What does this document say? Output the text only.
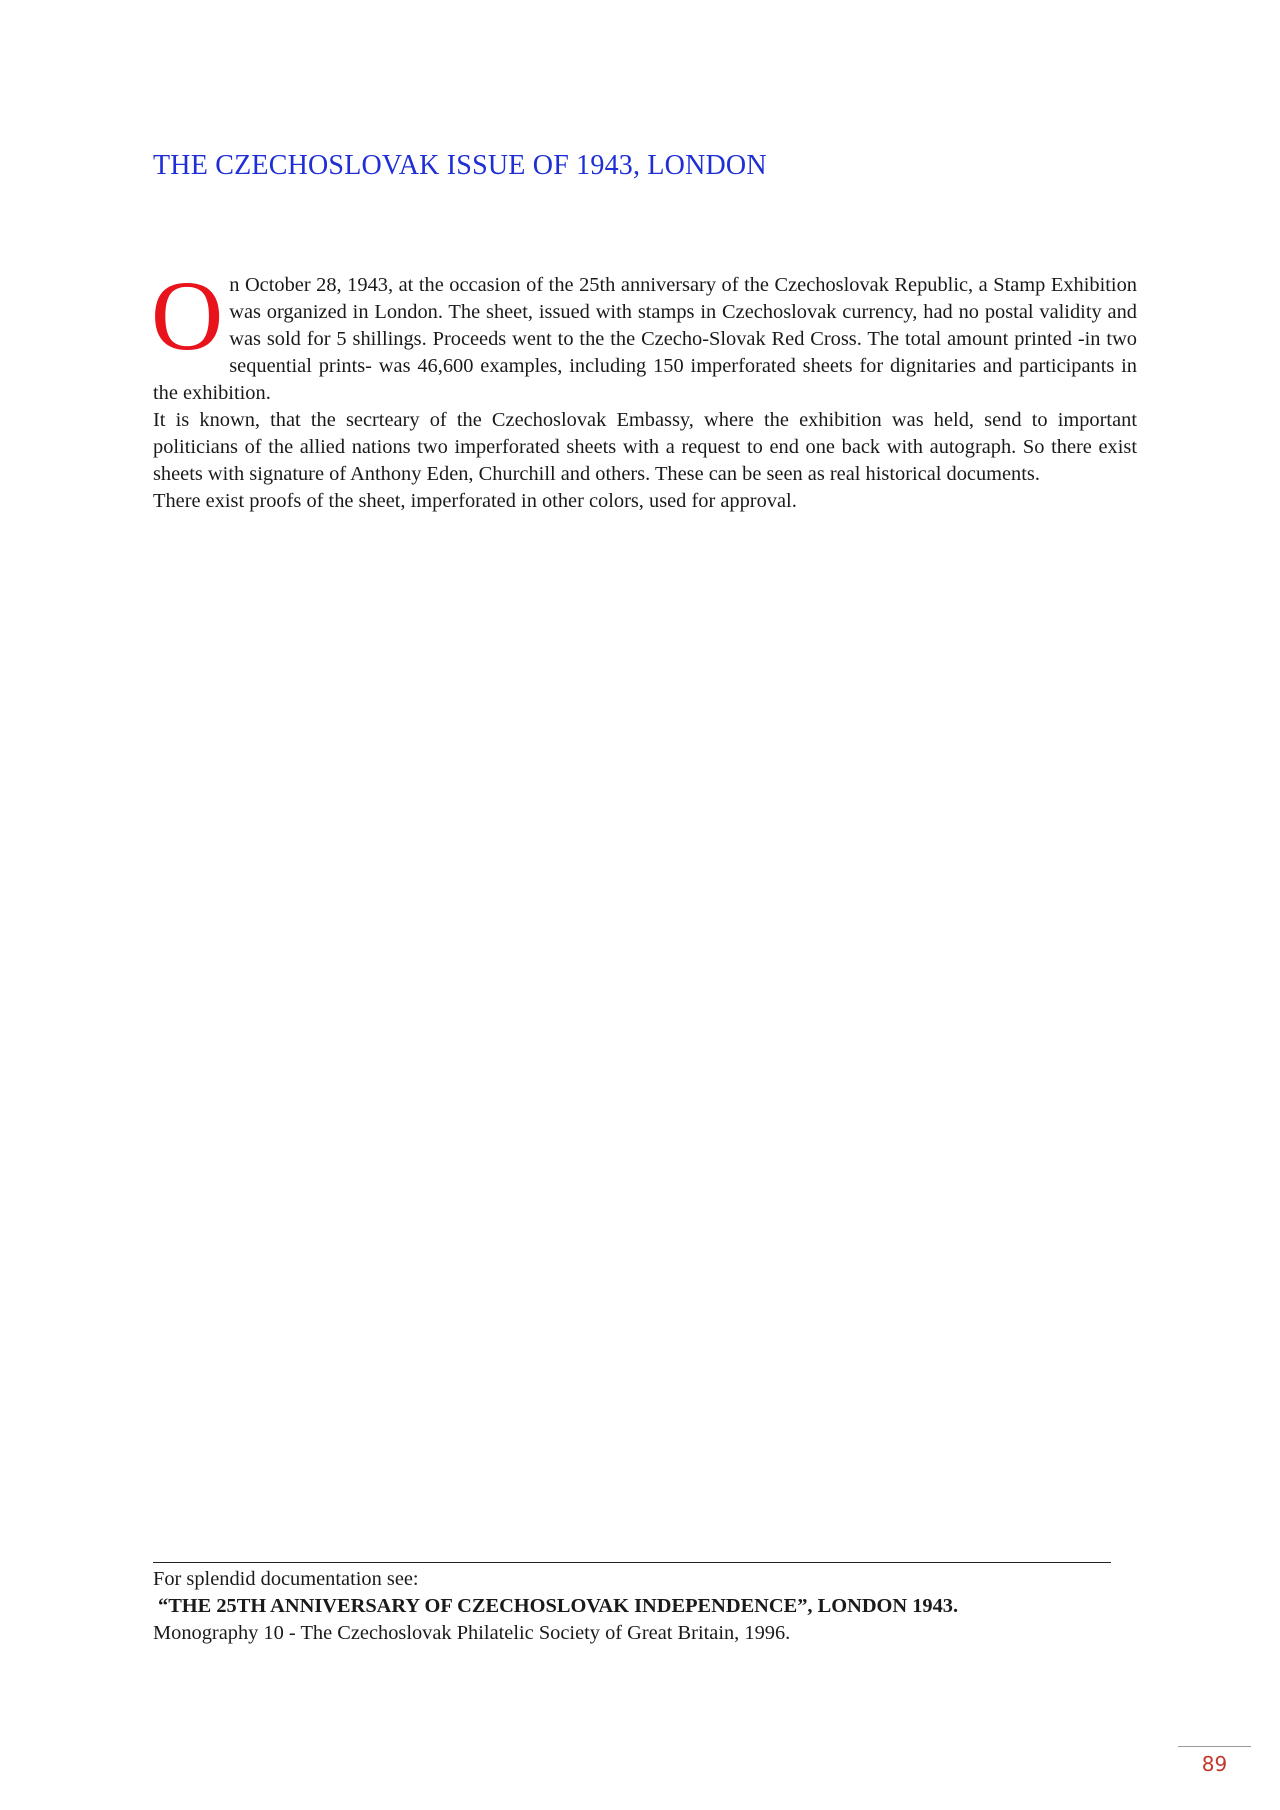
THE CZECHOSLOVAK ISSUE OF 1943, LONDON

On October 28, 1943, at the occasion of the 25th anniversary of the Czechoslovak Republic, a Stamp Exhibition was organized in London. The sheet, issued with stamps in Czechoslovak currency, had no postal validity and was sold for 5 shillings. Proceeds went to the the Czecho-Slovak Red Cross. The total amount printed -in two sequential prints- was 46,600 examples, including 150 imperforated sheets for dignitaries and participants in the exhibition.

It is known, that the secrteary of the Czechoslovak Embassy, where the exhibition was held, send to important politicians of the allied nations two imperforated sheets with a request to end one back with autograph. So there exist sheets with signature of Anthony Eden, Churchill and others. These can be seen as real historical documents.

There exist proofs of the sheet, imperforated in other colors, used for approval.

For splendid documentation see:
“THE 25TH ANNIVERSARY OF CZECHOSLOVAK INDEPENDENCE”, LONDON 1943.
Monography 10 - The Czechoslovak Philatelic Society of Great Britain, 1996.
89
